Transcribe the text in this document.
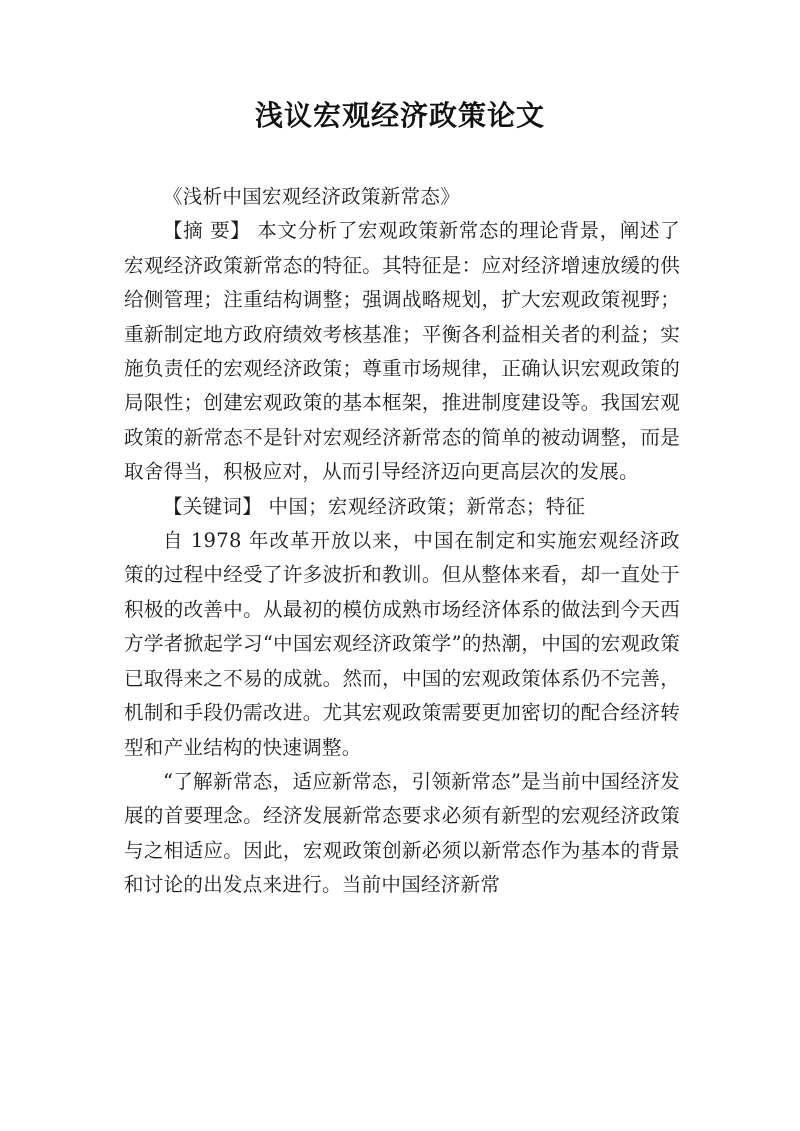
浅议宏观经济政策论文

《浅析中国宏观经济政策新常态》

【摘 要】 本文分析了宏观政策新常态的理论背景，阐述了宏观经济政策新常态的特征。其特征是：应对经济增速放缓的供给侧管理；注重结构调整；强调战略规划，扩大宏观政策视野；重新制定地方政府绩效考核基准；平衡各利益相关者的利益；实施负责任的宏观经济政策；尊重市场规律，正确认识宏观政策的局限性；创建宏观政策的基本框架，推进制度建设等。我国宏观政策的新常态不是针对宏观经济新常态的简单的被动调整，而是取舍得当，积极应对，从而引导经济迈向更高层次的发展。

【关键词】 中国；宏观经济政策；新常态；特征

自 1978 年改革开放以来，中国在制定和实施宏观经济政策的过程中经受了许多波折和教训。但从整体来看，却一直处于积极的改善中。从最初的模仿成熟市场经济体系的做法到今天西方学者掀起学习“中国宏观经济政策学”的热潮，中国的宏观政策已取得来之不易的成就。然而，中国的宏观政策体系仍不完善，机制和手段仍需改进。尤其宏观政策需要更加密切的配合经济转型和产业结构的快速调整。

“了解新常态，适应新常态，引领新常态”是当前中国经济发展的首要理念。经济发展新常态要求必须有新型的宏观经济政策与之相适应。因此，宏观政策创新必须以新常态作为基本的背景和讨论的出发点来进行。当前中国经济新常
